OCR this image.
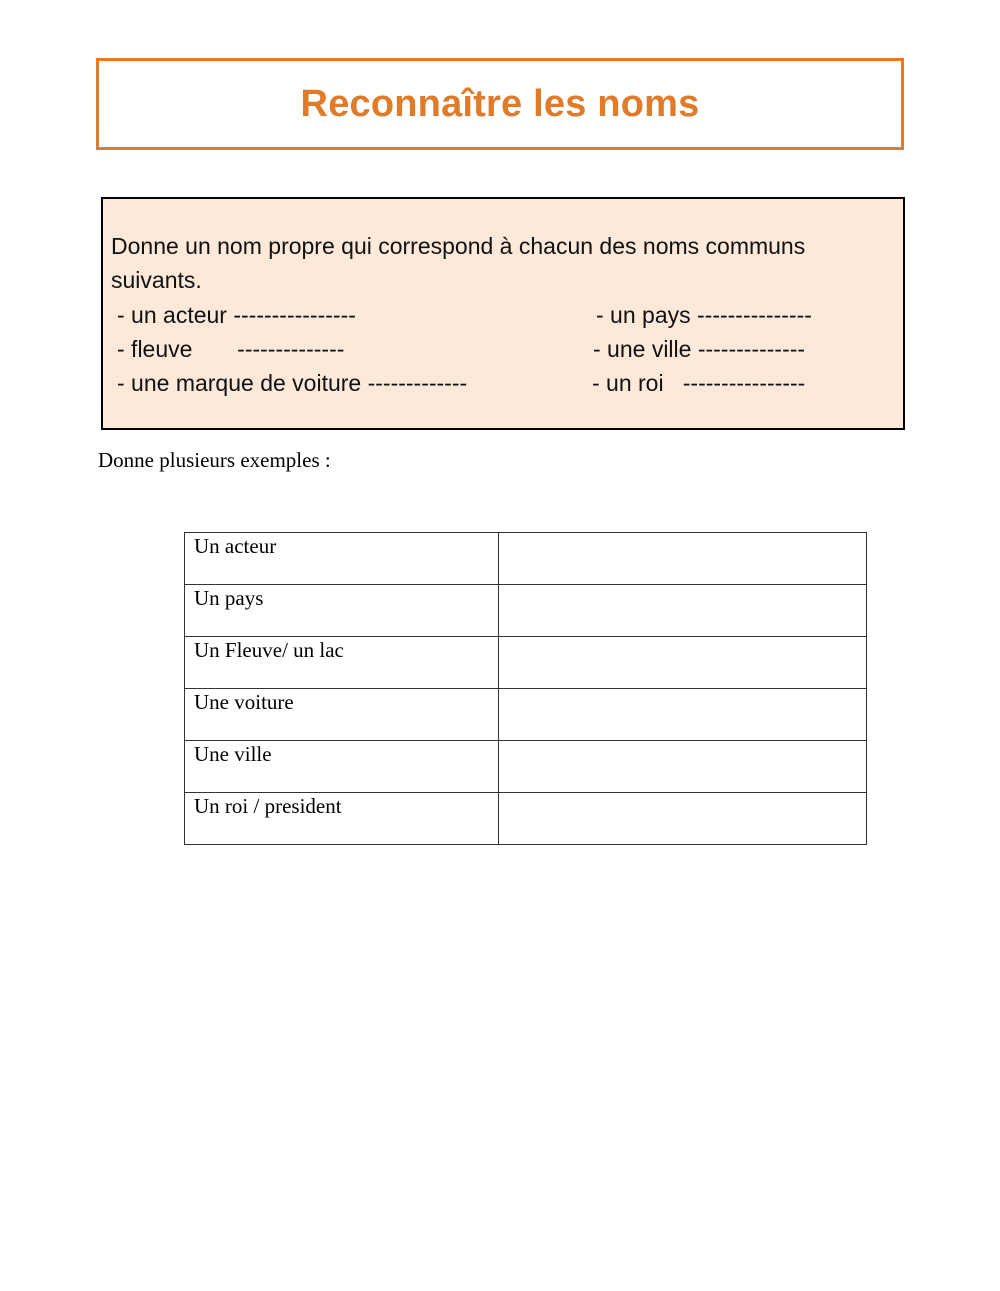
Reconnaître les noms
Donne un nom propre qui correspond à chacun des noms communs
suivants.
- un acteur ----------------	- un pays ---------------
- fleuve       --------------	- une ville --------------
- une marque de voiture -------------	- un roi   ----------------
Donne plusieurs exemples :
Un acteur	
Un pays	
Un Fleuve/ un lac	
Une voiture	
Une ville	
Un roi / president	
